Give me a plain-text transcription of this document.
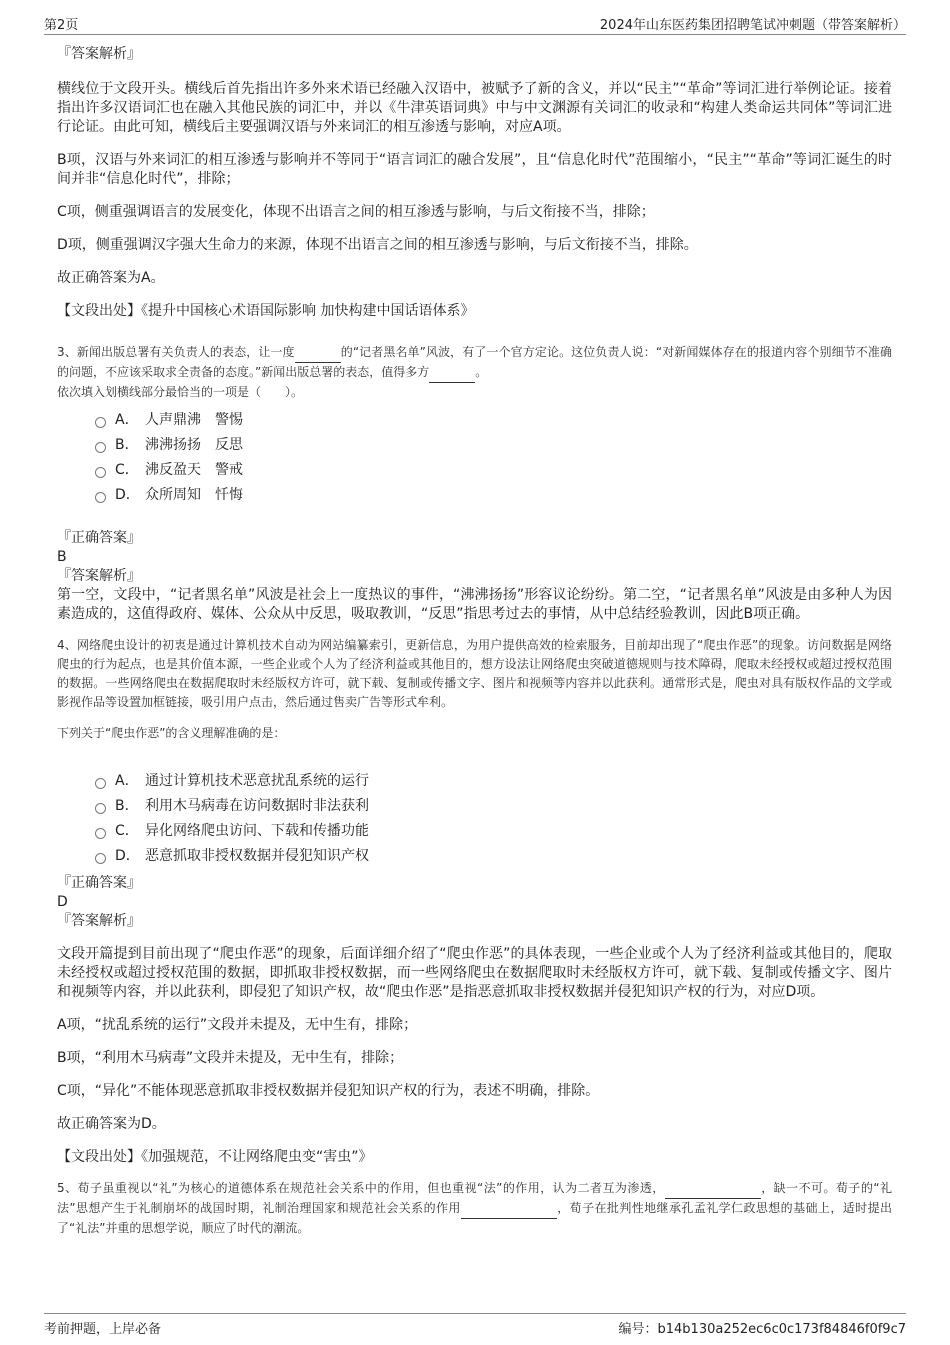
第2页	2024年山东医药集团招聘笔试冲刺题（带答案解析）

『答案解析』

横线位于文段开头。横线后首先指出许多外来术语已经融入汉语中，被赋予了新的含义，并以“民主”“革命”等词汇进行举例论证。接着指出许多汉语词汇也在融入其他民族的词汇中，并以《牛津英语词典》中与中文渊源有关词汇的收录和“构建人类命运共同体”等词汇进行论证。由此可知，横线后主要强调汉语与外来词汇的相互渗透与影响，对应A项。

B项，汉语与外来词汇的相互渗透与影响并不等同于“语言词汇的融合发展”，且“信息化时代”范围缩小，“民主”“革命”等词汇诞生的时间并非“信息化时代”，排除；

C项，侧重强调语言的发展变化，体现不出语言之间的相互渗透与影响，与后文衔接不当，排除；

D项，侧重强调汉字强大生命力的来源，体现不出语言之间的相互渗透与影响，与后文衔接不当，排除。

故正确答案为A。

【文段出处】《提升中国核心术语国际影响 加快构建中国话语体系》

3、新闻出版总署有关负责人的表态，让一度	的“记者黑名单”风波，有了一个官方定论。这位负责人说：“对新闻媒体存在的报道内容个别细节不准确的问题，不应该采取求全责备的态度。”新闻出版总署的表态，值得多方	。

依次填入划横线部分最恰当的一项是（　　）。

A． 人声鼎沸　警惕
B． 沸沸扬扬　反思
C． 沸反盈天　警戒
D． 众所周知　忏悔

『正确答案』

B

『答案解析』

第一空，文段中，“记者黑名单”风波是社会上一度热议的事件，“沸沸扬扬”形容议论纷纷。第二空，“记者黑名单”风波是由多种人为因素造成的，这值得政府、媒体、公众从中反思，吸取教训，“反思”指思考过去的事情，从中总结经验教训，因此B项正确。

4、网络爬虫设计的初衷是通过计算机技术自动为网站编纂索引，更新信息，为用户提供高效的检索服务，目前却出现了“爬虫作恶”的现象。访问数据是网络爬虫的行为起点，也是其价值本源，一些企业或个人为了经济利益或其他目的，想方设法让网络爬虫突破道德规则与技术障碍，爬取未经授权或超过授权范围的数据。一些网络爬虫在数据爬取时未经版权方许可，就下载、复制或传播文字、图片和视频等内容并以此获利。通常形式是，爬虫对具有版权作品的文学或影视作品等设置加框链接，吸引用户点击，然后通过售卖广告等形式牟利。

下列关于“爬虫作恶”的含义理解准确的是：

A． 通过计算机技术恶意扰乱系统的运行
B． 利用木马病毒在访问数据时非法获利
C． 异化网络爬虫访问、下载和传播功能
D． 恶意抓取非授权数据并侵犯知识产权

『正确答案』

D

『答案解析』

文段开篇提到目前出现了“爬虫作恶”的现象，后面详细介绍了“爬虫作恶”的具体表现，一些企业或个人为了经济利益或其他目的，爬取未经授权或超过授权范围的数据，即抓取非授权数据，而一些网络爬虫在数据爬取时未经版权方许可，就下载、复制或传播文字、图片和视频等内容，并以此获利，即侵犯了知识产权，故“爬虫作恶”是指恶意抓取非授权数据并侵犯知识产权的行为，对应D项。

A项，“扰乱系统的运行”文段并未提及，无中生有，排除；

B项，“利用木马病毒”文段并未提及，无中生有，排除；

C项，“异化”不能体现恶意抓取非授权数据并侵犯知识产权的行为，表述不明确，排除。

故正确答案为D。

【文段出处】《加强规范，不让网络爬虫变“害虫”》

5、荀子虽重视以“礼”为核心的道德体系在规范社会关系中的作用，但也重视“法”的作用，认为二者互为渗透，	，缺一不可。荀子的“礼法”思想产生于礼制崩坏的战国时期，礼制治理国家和规范社会关系的作用	，荀子在批判性地继承孔孟礼学仁政思想的基础上，适时提出了“礼法”并重的思想学说，顺应了时代的潮流。

考前押题，上岸必备	编号：b14b130a252ec6c0c173f84846f0f9c7
